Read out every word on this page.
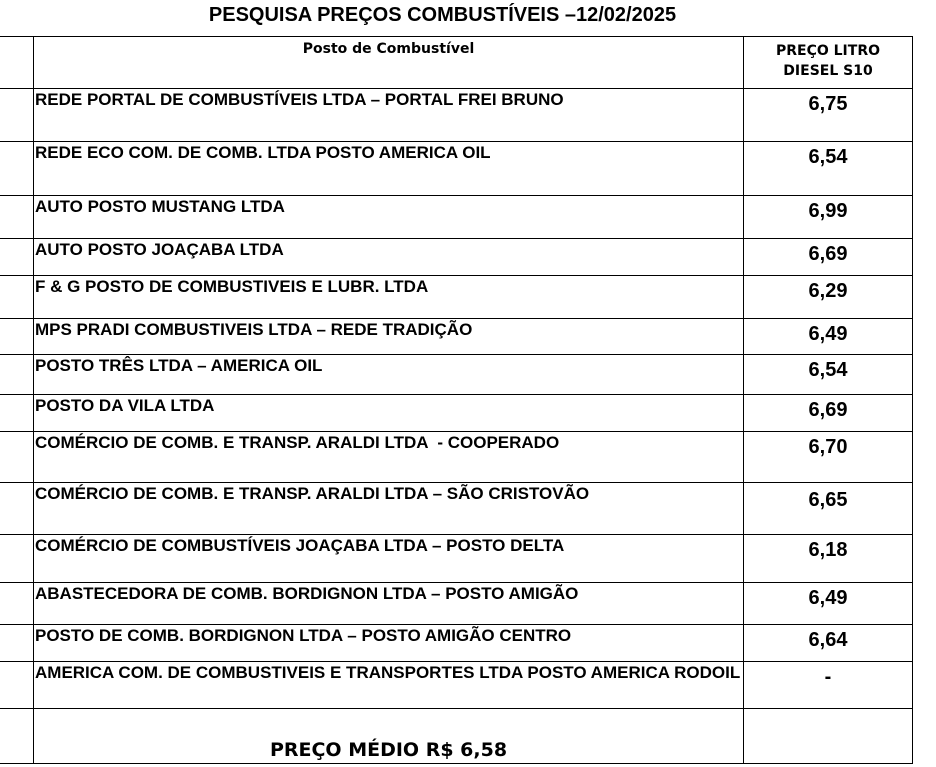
PESQUISA PREÇOS COMBUSTÍVEIS –12/02/2025
	Posto de Combustível	PREÇO LITRO
DIESEL S10

	REDE PORTAL DE COMBUSTÍVEIS LTDA – PORTAL FREI BRUNO	6,75
	REDE ECO COM. DE COMB. LTDA POSTO AMERICA OIL	6,54
	AUTO POSTO MUSTANG LTDA	6,99
	AUTO POSTO JOAÇABA LTDA	6,69
	F & G POSTO DE COMBUSTIVEIS E LUBR. LTDA	6,29
	MPS PRADI COMBUSTIVEIS LTDA – REDE TRADIÇÃO	6,49
	POSTO TRÊS LTDA – AMERICA OIL	6,54
	POSTO DA VILA LTDA	6,69
	COMÉRCIO DE COMB. E TRANSP. ARALDI LTDA  - COOPERADO	6,70
	COMÉRCIO DE COMB. E TRANSP. ARALDI LTDA – SÃO CRISTOVÃO	6,65
	COMÉRCIO DE COMBUSTÍVEIS JOAÇABA LTDA – POSTO DELTA	6,18
	ABASTECEDORA DE COMB. BORDIGNON LTDA – POSTO AMIGÃO	6,49
	POSTO DE COMB. BORDIGNON LTDA – POSTO AMIGÃO CENTRO	6,64
	AMERICA COM. DE COMBUSTIVEIS E TRANSPORTES LTDA POSTO AMERICA RODOIL	-
	PREÇO MÉDIO R$ 6,58	
